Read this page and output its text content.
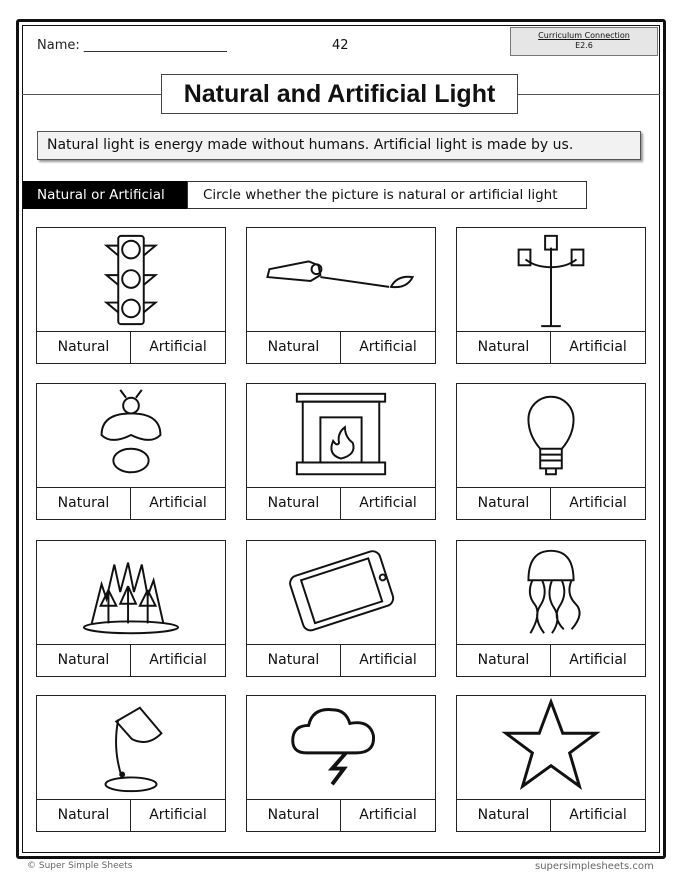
Name: ______________________	42
Curriculum Connection
E2.6
Natural and Artificial Light
Natural light is energy made without humans. Artificial light is made by us.
Natural or Artificial	Circle whether the picture is natural or artificial light
Natural	Artificial	Natural	Artificial	Natural	Artificial
Natural	Artificial	Natural	Artificial	Natural	Artificial
Natural	Artificial	Natural	Artificial	Natural	Artificial
Natural	Artificial	Natural	Artificial	Natural	Artificial
© Super Simple Sheets	supersimplesheets.com
